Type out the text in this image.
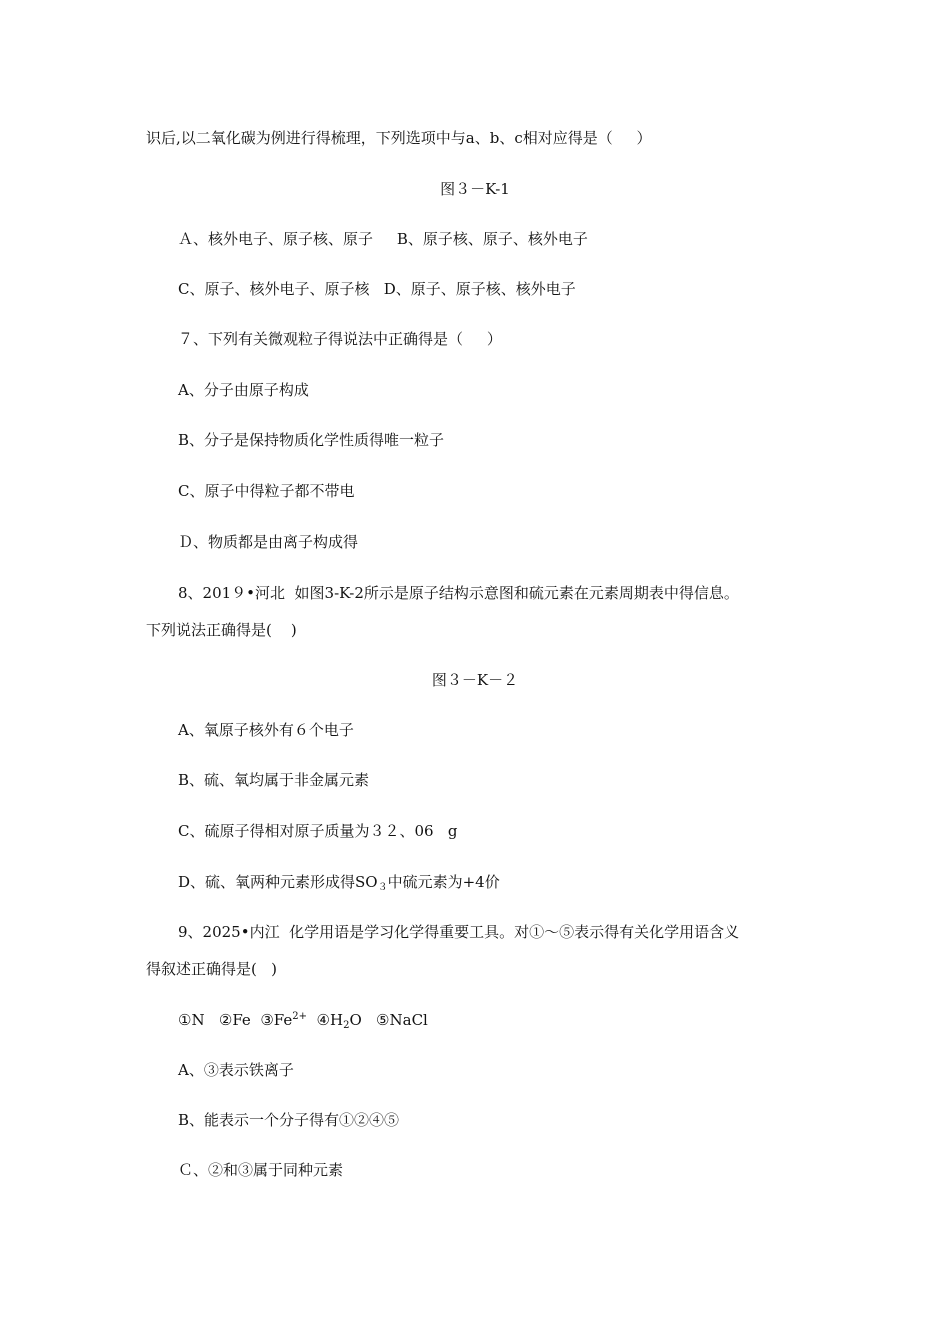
识后,以二氧化碳为例进行得梳理，下列选项中与a、b、c相对应得是（     ）
图３－K-1
Ａ、核外电子、原子核、原子     B、原子核、原子、核外电子
C、原子、核外电子、原子核   D、原子、原子核、核外电子
７、下列有关微观粒子得说法中正确得是（     ）
A、分子由原子构成
B、分子是保持物质化学性质得唯一粒子
C、原子中得粒子都不带电
Ｄ、物质都是由离子构成得
8、201９•河北  如图3-K-2所示是原子结构示意图和硫元素在元素周期表中得信息。
下列说法正确得是(    )
图３－K－２
A、氧原子核外有６个电子
B、硫、氧均属于非金属元素
C、硫原子得相对原子质量为３２、06   g
D、硫、氧两种元素形成得$SO_3$中硫元素为+4价
9、2025•内江  化学用语是学习化学得重要工具。对①～⑤表示得有关化学用语含义
得叙述正确得是(   )
①N   ②Fe  $③Fe^{2+}$  $④H_2O$   ⑤NaCl
A、③表示铁离子
B、能表示一个分子得有①②④⑤
Ｃ、②和③属于同种元素
